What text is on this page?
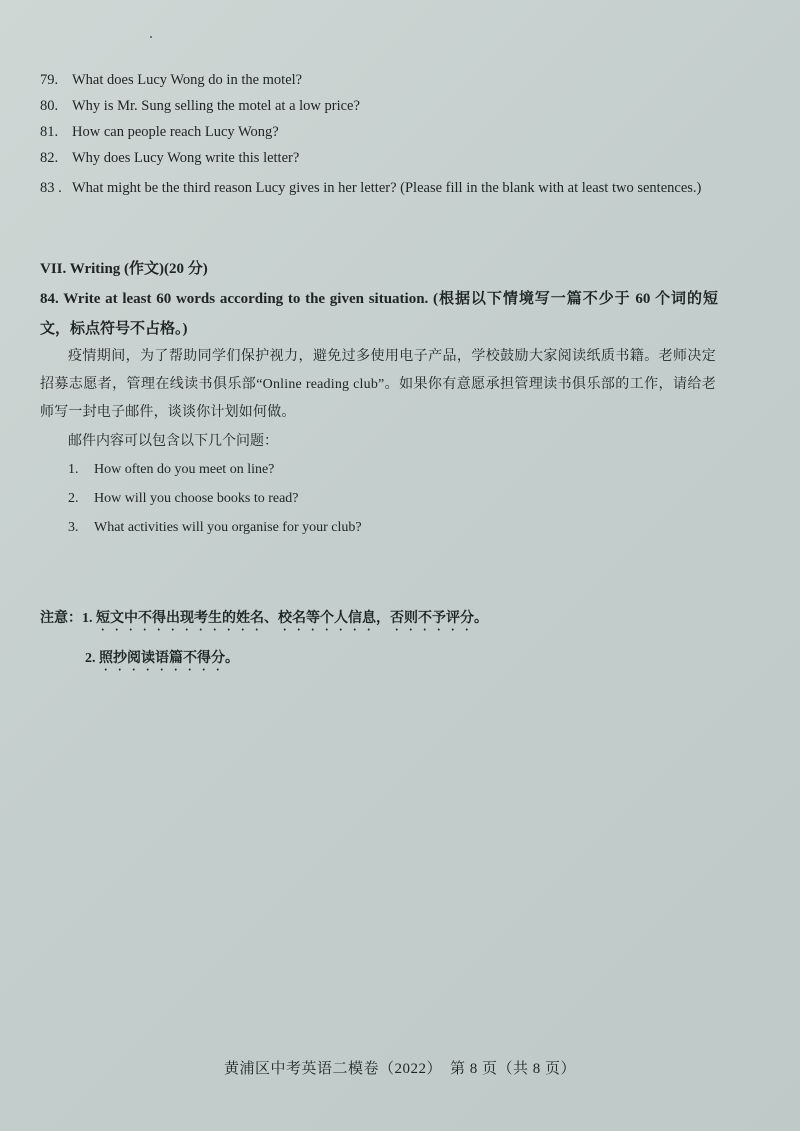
79. What does Lucy Wong do in the motel?
80. Why is Mr. Sung selling the motel at a low price?
81. How can people reach Lucy Wong?
82. Why does Lucy Wong write this letter?
83 . What might be the third reason Lucy gives in her letter? (Please fill in the blank with at least two sentences.)
VII. Writing (作文)(20 分)
84. Write at least 60 words according to the given situation. (根据以下情境写一篇不少于 60 个词的短文，标点符号不占格。)
疫情期间，为了帮助同学们保护视力，避免过多使用电子产品，学校鼓励大家阅读纸质书籍。老师决定招募志愿者，管理在线读书俱乐部“Online reading club”。如果你有意愿承担管理读书俱乐部的工作，请给老师写一封电子邮件，谈谈你计划如何做。
邮件内容可以包含以下几个问题：
1. How often do you meet on line?
2. How will you choose books to read?
3. What activities will you organise for your club?
注意：1. 短文中不得出现考生的姓名、校名等个人信息，否则不予评分。
2. 照抄阅读语篇不得分。
黄浦区中考英语二模卷（2022）　第 8 页（共 8 页）
